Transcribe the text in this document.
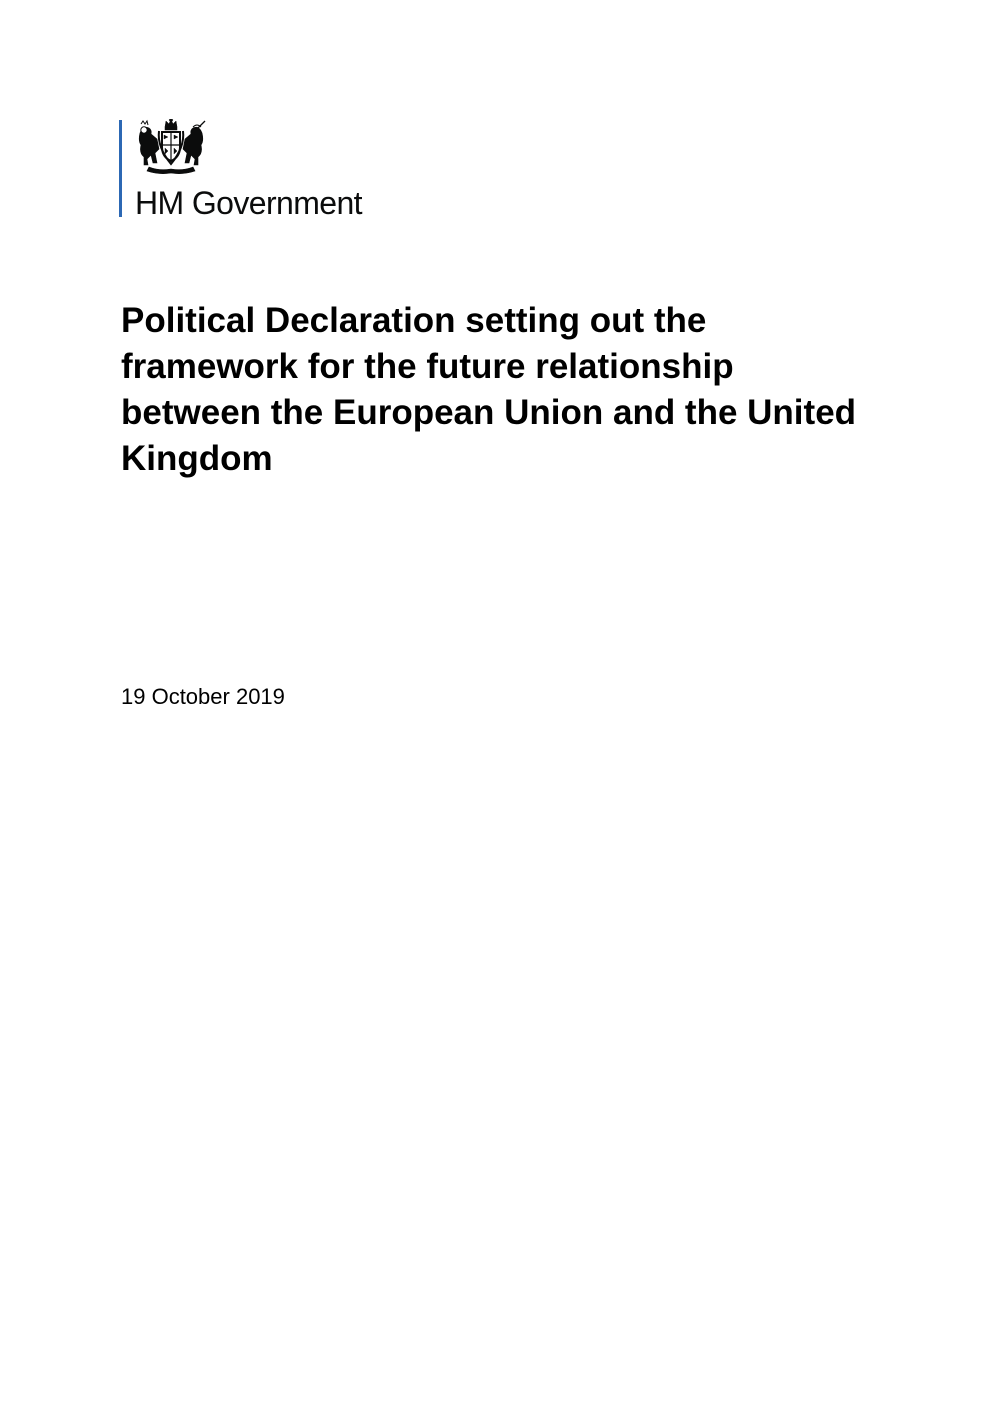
HM Government
Political Declaration setting out the framework for the future relationship between the European Union and the United Kingdom
19 October 2019
